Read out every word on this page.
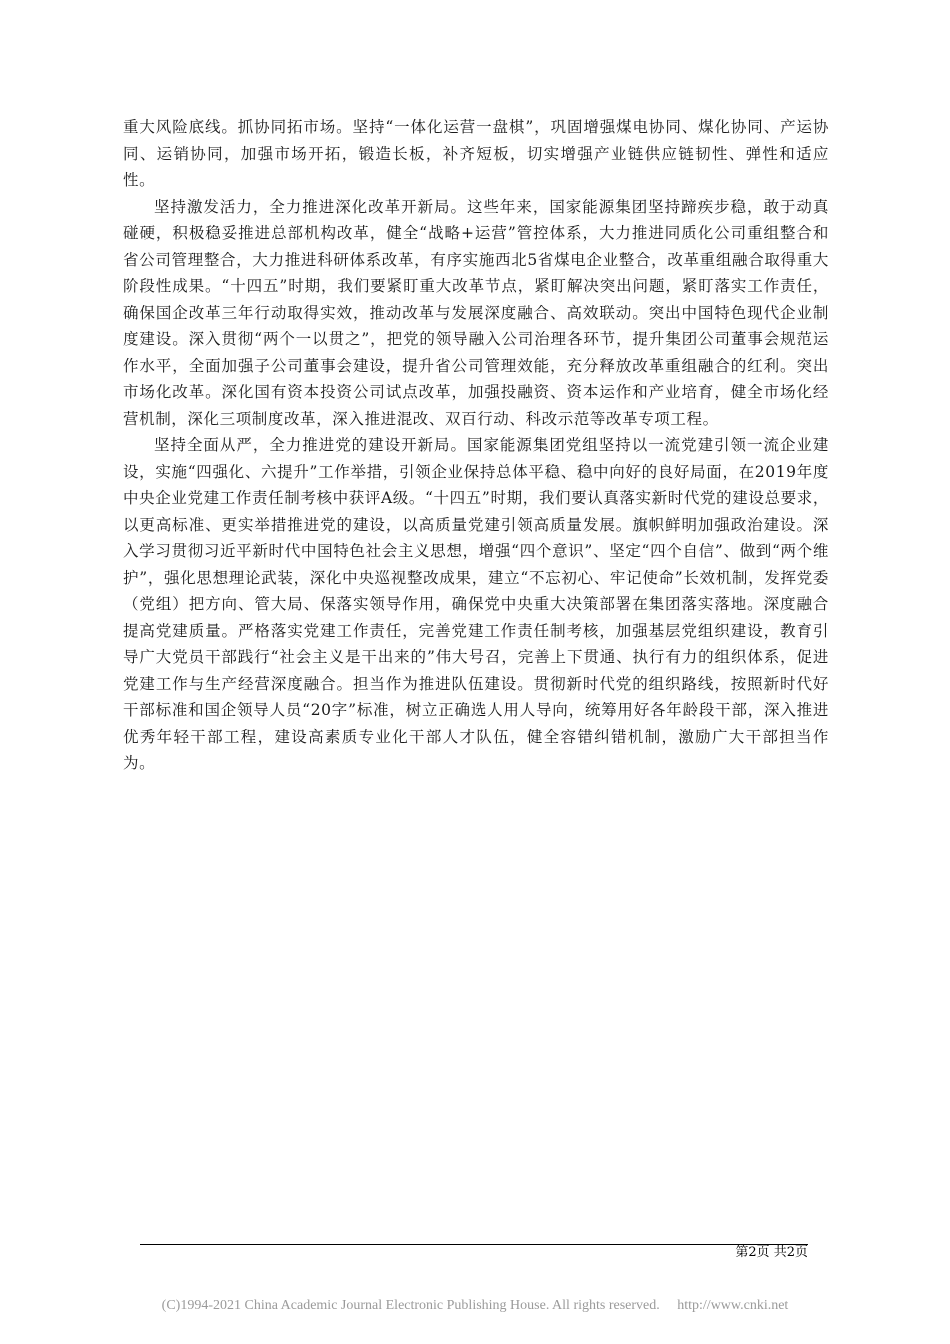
重大风险底线。抓协同拓市场。坚持“一体化运营一盘棋”，巩固增强煤电协同、煤化协同、产运协同、运销协同，加强市场开拓，锻造长板，补齐短板，切实增强产业链供应链韧性、弹性和适应性。

坚持激发活力，全力推进深化改革开新局。这些年来，国家能源集团坚持蹄疾步稳，敢于动真碰硬，积极稳妥推进总部机构改革，健全“战略+运营”管控体系，大力推进同质化公司重组整合和省公司管理整合，大力推进科研体系改革，有序实施西北5省煤电企业整合，改革重组融合取得重大阶段性成果。“十四五”时期，我们要紧盯重大改革节点，紧盯解决突出问题，紧盯落实工作责任，确保国企改革三年行动取得实效，推动改革与发展深度融合、高效联动。突出中国特色现代企业制度建设。深入贯彻“两个一以贯之”，把党的领导融入公司治理各环节，提升集团公司董事会规范运作水平，全面加强子公司董事会建设，提升省公司管理效能，充分释放改革重组融合的红利。突出市场化改革。深化国有资本投资公司试点改革，加强投融资、资本运作和产业培育，健全市场化经营机制，深化三项制度改革，深入推进混改、双百行动、科改示范等改革专项工程。

坚持全面从严，全力推进党的建设开新局。国家能源集团党组坚持以一流党建引领一流企业建设，实施“四强化、六提升”工作举措，引领企业保持总体平稳、稳中向好的良好局面，在2019年度中央企业党建工作责任制考核中获评A级。“十四五”时期，我们要认真落实新时代党的建设总要求，以更高标准、更实举措推进党的建设，以高质量党建引领高质量发展。旗帜鲜明加强政治建设。深入学习贯彻习近平新时代中国特色社会主义思想，增强“四个意识”、坚定“四个自信”、做到“两个维护”，强化思想理论武装，深化中央巡视整改成果，建立“不忘初心、牢记使命”长效机制，发挥党委（党组）把方向、管大局、保落实领导作用，确保党中央重大决策部署在集团落实落地。深度融合提高党建质量。严格落实党建工作责任，完善党建工作责任制考核，加强基层党组织建设，教育引导广大党员干部践行“社会主义是干出来的”伟大号召，完善上下贯通、执行有力的组织体系，促进党建工作与生产经营深度融合。担当作为推进队伍建设。贯彻新时代党的组织路线，按照新时代好干部标准和国企领导人员“20字”标准，树立正确选人用人导向，统筹用好各年龄段干部，深入推进优秀年轻干部工程，建设高素质专业化干部人才队伍，健全容错纠错机制，激励广大干部担当作为。

第2页 共2页
(C)1994-2021 China Academic Journal Electronic Publishing House. All rights reserved.     http://www.cnki.net
